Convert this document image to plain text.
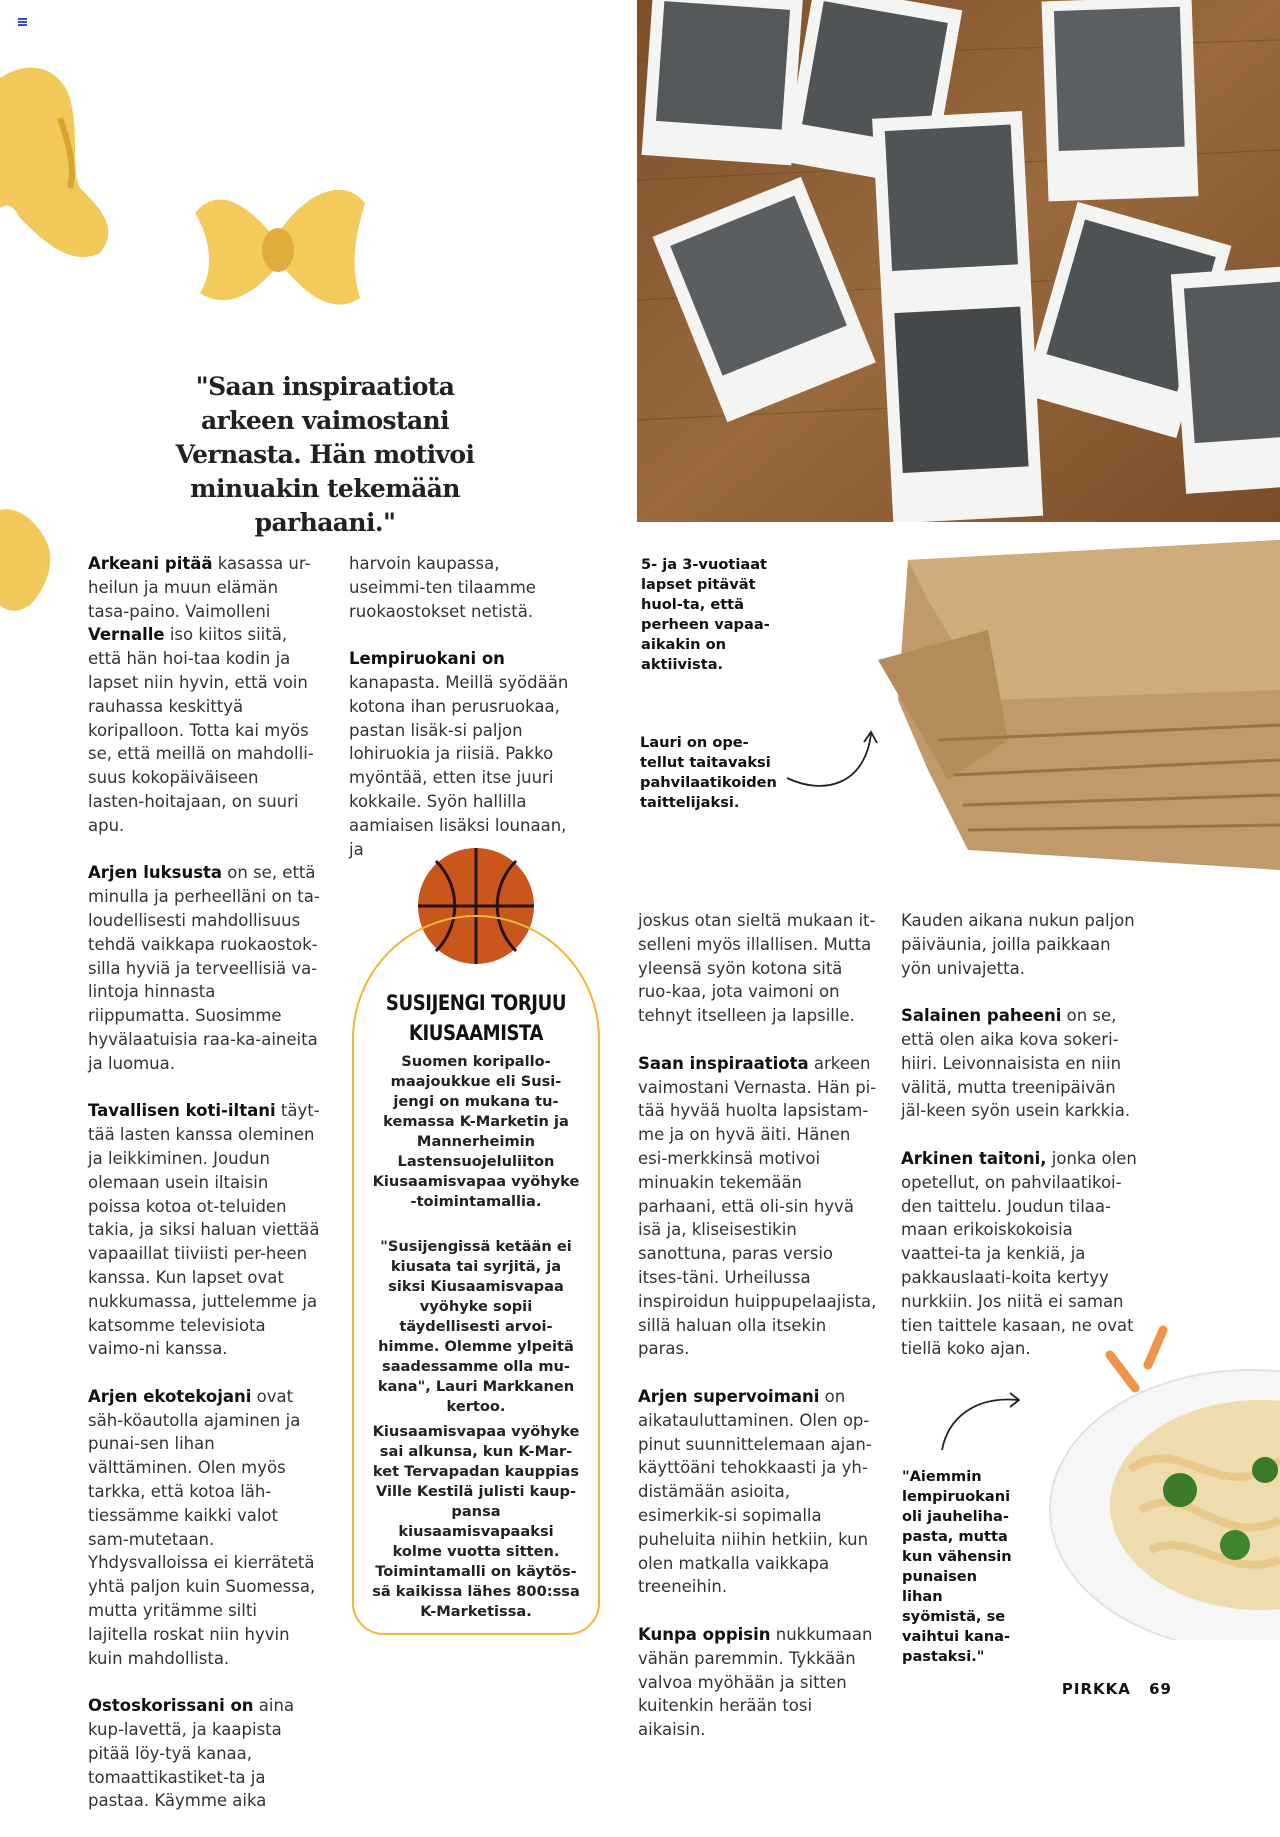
"Saan inspiraatiota arkeen vaimostani Vernasta. Hän motivoi minuakin tekemään parhaani."

Arkeani pitää kasassa ur-heilun ja muun elämän tasa-paino. Vaimolleni Vernalle iso kiitos siitä, että hän hoi-taa kodin ja lapset niin hyvin, että voin rauhassa keskittyä koripalloon. Totta kai myös se, että meillä on mahdolli-suus kokopäiväiseen lasten-hoitajaan, on suuri apu.

Arjen luksusta on se, että minulla ja perheelläni on ta-loudellisesti mahdollisuus tehdä vaikkapa ruokaostok-silla hyviä ja terveellisiä va-lintoja hinnasta riippumatta. Suosimme hyvälaatuisia raa-ka-aineita ja luomua.

Tavallisen koti-iltani täyt-tää lasten kanssa oleminen ja leikkiminen. Joudun olemaan usein iltaisin poissa kotoa ot-teluiden takia, ja siksi haluan viettää vapaaillat tiiviisti per-heen kanssa. Kun lapset ovat nukkumassa, juttelemme ja katsomme televisiota vaimo-ni kanssa.

Arjen ekotekojani ovat säh-köautolla ajaminen ja punai-sen lihan välttäminen. Olen myös tarkka, että kotoa läh-tiessämme kaikki valot sam-mutetaan. Yhdysvalloissa ei kierrätetä yhtä paljon kuin Suomessa, mutta yritämme silti lajitella roskat niin hyvin kuin mahdollista.

Ostoskorissani on aina kup-lavettä, ja kaapista pitää löy-tyä kanaa, tomaattikastiket-ta ja pastaa. Käymme aika

harvoin kaupassa, useimmi-ten tilaamme ruokaostokset netistä.

Lempiruokani on kanapasta. Meillä syödään kotona ihan perusruokaa, pastan lisäk-si paljon lohiruokia ja riisiä. Pakko myöntää, etten itse juuri kokkaile. Syön hallilla aamiaisen lisäksi lounaan, ja

joskus otan sieltä mukaan it-selleni myös illallisen. Mutta yleensä syön kotona sitä ruo-kaa, jota vaimoni on tehnyt itselleen ja lapsille.

Saan inspiraatiota arkeen vaimostani Vernasta. Hän pi-tää hyvää huolta lapsistam-me ja on hyvä äiti. Hänen esi-merkkinsä motivoi minuakin tekemään parhaani, että oli-sin hyvä isä ja, kliseisestikin sanottuna, paras versio itses-täni. Urheilussa inspiroidun huippupelaajista, sillä haluan olla itsekin paras.

Arjen supervoimani on aikatauluttaminen. Olen op-pinut suunnittelemaan ajan-käyttöäni tehokkaasti ja yh-distämään asioita, esimerkik-si sopimalla puheluita niihin hetkiin, kun olen matkalla vaikkapa treeneihin.

Kunpa oppisin nukkumaan vähän paremmin. Tykkään valvoa myöhään ja sitten kuitenkin herään tosi aikaisin.

Kauden aikana nukun paljon päiväunia, joilla paikkaan yön univajetta.

Salainen paheeni on se, että olen aika kova sokeri-hiiri. Leivonnaisista en niin välitä, mutta treenipäivän jäl-keen syön usein karkkia.

Arkinen taitoni, jonka olen opetellut, on pahvilaatikoi-den taittelu. Joudun tilaa-maan erikoiskokoisia vaattei-ta ja kenkiä, ja pakkauslaati-koita kertyy nurkkiin. Jos niitä ei saman tien taittele kasaan, ne ovat tiellä koko ajan.

5- ja 3-vuotiaat lapset pitävät huol-ta, että perheen vapaa-aikakin on aktiivista.

Lauri on ope-tellut taitavaksi pahvilaatikoiden taittelijaksi.

"Aiemmin lempiruokani oli jauheliha-pasta, mutta kun vähensin punaisen lihan syömistä, se vaihtui kana-pastaksi."

SUSIJENGI TORJUU KIUSAAMISTA

Suomen koripallo-maajoukkue eli Susi-jengi on mukana tu-kemassa K-Marketin ja Mannerheimin Lastensuojeluliiton Kiusaamisvapaa vyöhyke -toimintamallia.

"Susijengissä ketään ei kiusata tai syrjitä, ja siksi Kiusaamisvapaa vyöhyke sopii täydellisesti arvoi-himme. Olemme ylpeitä saadessamme olla mu-kana", Lauri Markkanen kertoo.

Kiusaamisvapaa vyöhyke sai alkunsa, kun K-Mar-ket Tervapadan kauppias Ville Kestilä julisti kaup-pansa kiusaamisvapaaksi kolme vuotta sitten. Toimintamalli on käytös-sä kaikissa lähes 800:ssa K-Marketissa.

PIRKKA 69
